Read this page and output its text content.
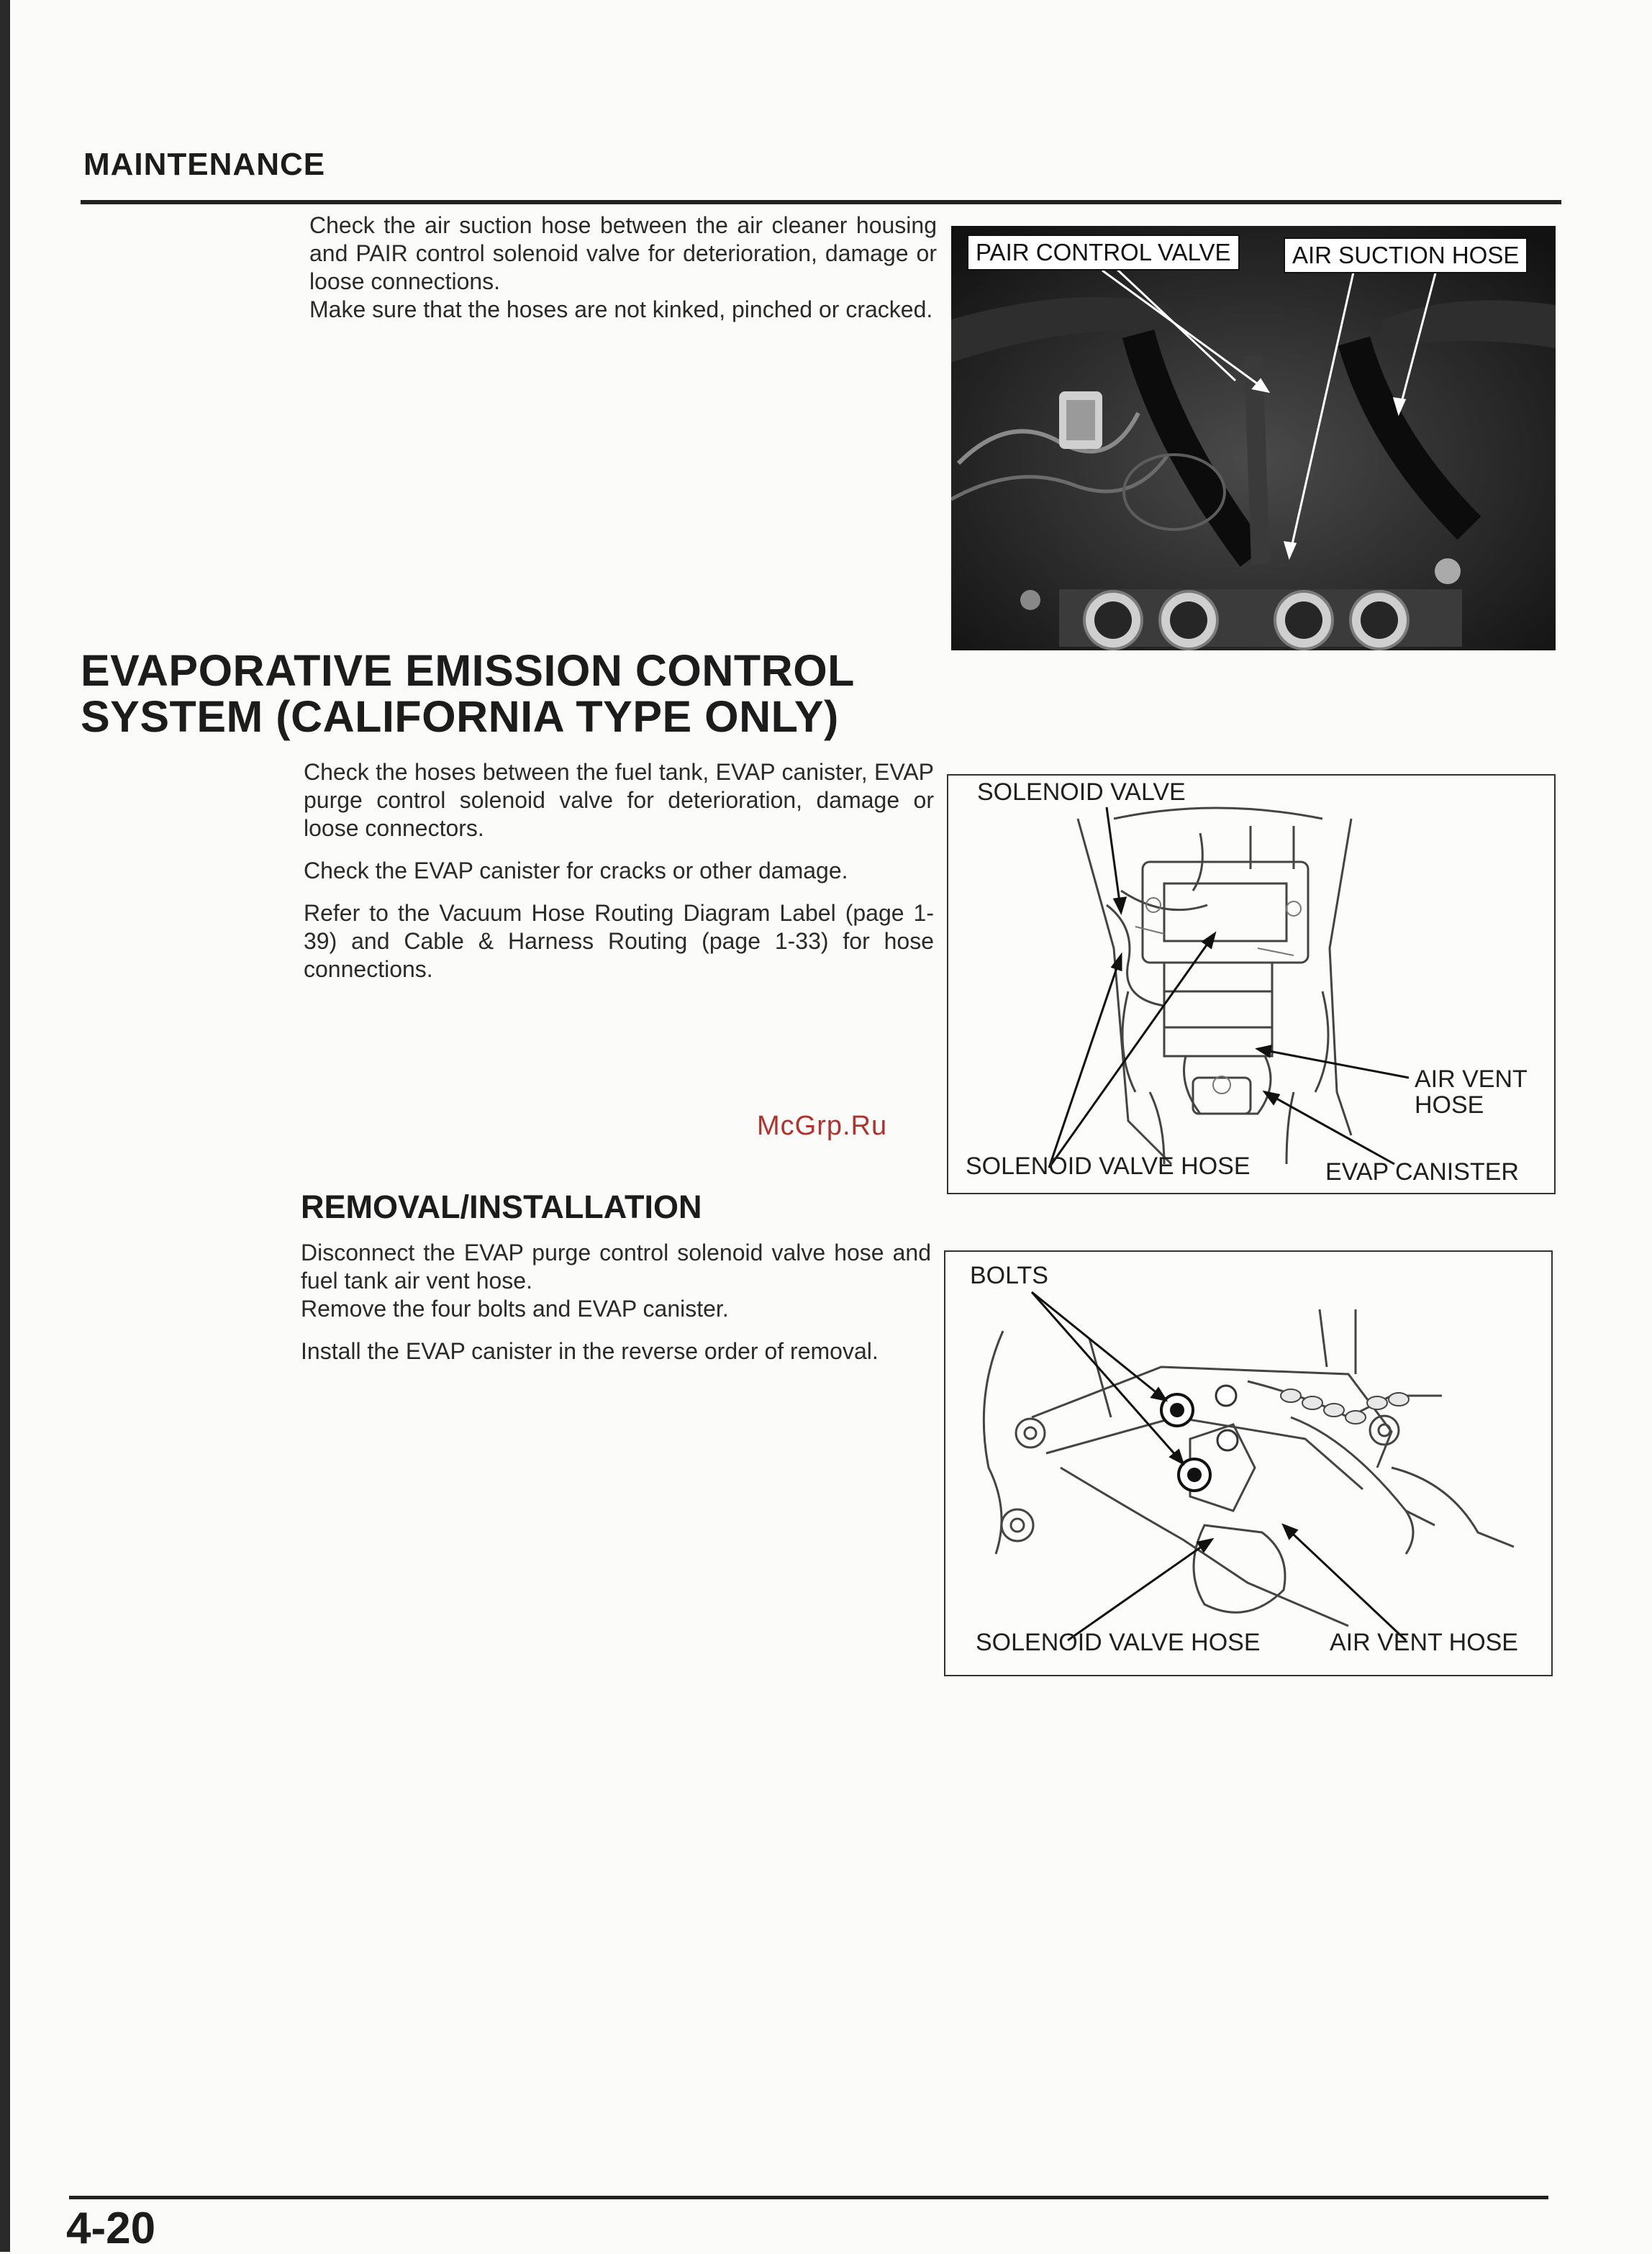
MAINTENANCE

Check the air suction hose between the air cleaner housing and PAIR control solenoid valve for deterioration, damage or loose connections.

Make sure that the hoses are not kinked, pinched or cracked.

PAIR CONTROL VALVE	AIR SUCTION HOSE
EVAPORATIVE EMISSION CONTROL
SYSTEM (CALIFORNIA TYPE ONLY)

Check the hoses between the fuel tank, EVAP canister, EVAP purge control solenoid valve for deterioration, damage or loose connectors.

Check the EVAP canister for cracks or other damage.

Refer to the Vacuum Hose Routing Diagram Label (page 1-39) and Cable & Harness Routing (page 1-33) for hose connections.

McGrp.Ru
SOLENOID VALVE
AIR VENT
HOSE
SOLENOID VALVE HOSE	EVAP CANISTER
REMOVAL/INSTALLATION

Disconnect the EVAP purge control solenoid valve hose and fuel tank air vent hose.

Remove the four bolts and EVAP canister.

Install the EVAP canister in the reverse order of removal.

BOLTS
SOLENOID VALVE HOSE	AIR VENT HOSE
4-20
